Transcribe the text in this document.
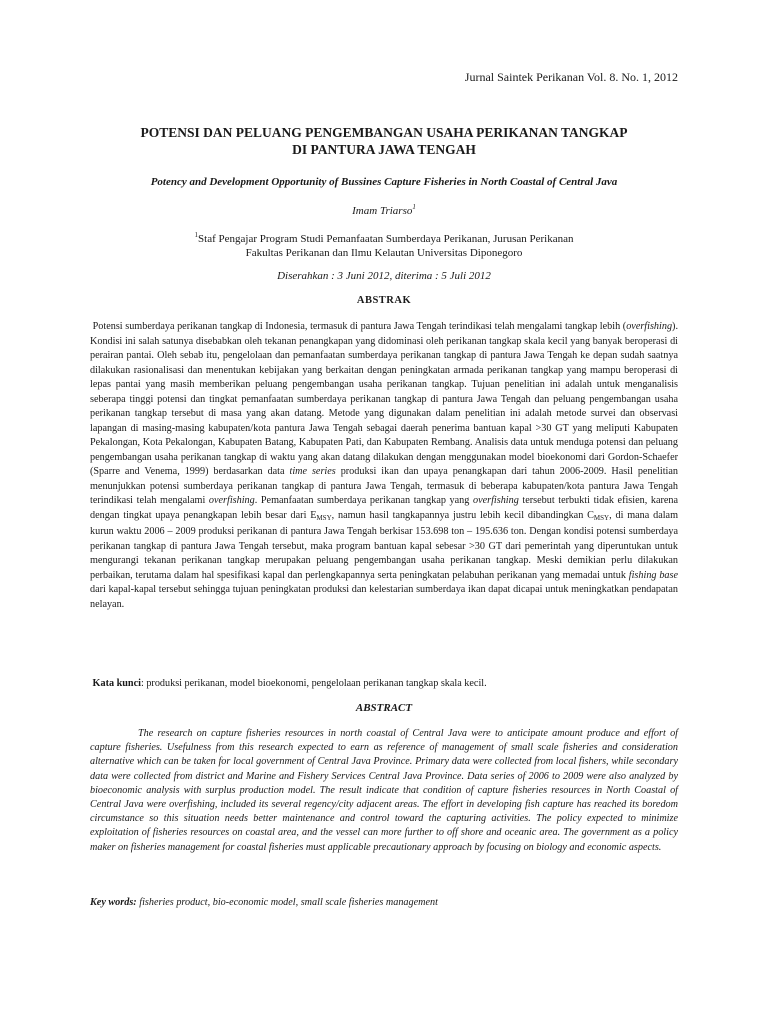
Jurnal Saintek Perikanan Vol. 8. No. 1, 2012
POTENSI DAN PELUANG PENGEMBANGAN USAHA PERIKANAN TANGKAP
DI PANTURA JAWA TENGAH
Potency and Development Opportunity of Bussines Capture Fisheries in North Coastal of Central Java
Imam Triarso$^1$
$^1$Staf Pengajar Program Studi Pemanfaatan Sumberdaya Perikanan, Jurusan Perikanan
Fakultas Perikanan dan Ilmu Kelautan Universitas Diponegoro
Diserahkan : 3 Juni 2012, diterima : 5 Juli 2012
ABSTRAK

Potensi sumberdaya perikanan tangkap di Indonesia, termasuk di pantura Jawa Tengah terindikasi telah mengalami tangkap lebih (overfishing). Kondisi ini salah satunya disebabkan oleh tekanan penangkapan yang didominasi oleh perikanan tangkap skala kecil yang banyak beroperasi di perairan pantai. Oleh sebab itu, pengelolaan dan pemanfaatan sumberdaya perikanan tangkap di pantura Jawa Tengah ke depan sudah saatnya dilakukan rasionalisasi dan menentukan kebijakan yang berkaitan dengan peningkatan armada perikanan tangkap yang mampu beroperasi di lepas pantai yang masih memberikan peluang pengembangan usaha perikanan tangkap. Tujuan penelitian ini adalah untuk menganalisis seberapa tinggi potensi dan tingkat pemanfaatan sumberdaya perikanan tangkap di pantura Jawa Tengah dan peluang pengembangan usaha perikanan tangkap tersebut di masa yang akan datang. Metode yang digunakan dalam penelitian ini adalah metode survei dan observasi lapangan di masing-masing kabupaten/kota pantura Jawa Tengah sebagai daerah penerima bantuan kapal >30 GT yang meliputi Kabupaten Pekalongan, Kota Pekalongan, Kabupaten Batang, Kabupaten Pati, dan Kabupaten Rembang. Analisis data untuk menduga potensi dan peluang pengembangan usaha perikanan tangkap di waktu yang akan datang dilakukan dengan menggunakan model bioekonomi dari Gordon-Schaefer (Sparre and Venema, 1999) berdasarkan data time series produksi ikan dan upaya penangkapan dari tahun 2006-2009. Hasil penelitian menunjukkan potensi sumberdaya perikanan tangkap di pantura Jawa Tengah, termasuk di beberapa kabupaten/kota pantura Jawa Tengah terindikasi telah mengalami overfishing. Pemanfaatan sumberdaya perikanan tangkap yang overfishing tersebut terbukti tidak efisien, karena dengan tingkat upaya penangkapan lebih besar dari $E_{MSY}$, namun hasil tangkapannya justru lebih kecil dibandingkan $C_{MSY}$, di mana dalam kurun waktu 2006 – 2009 produksi perikanan di pantura Jawa Tengah berkisar 153.698 ton – 195.636 ton. Dengan kondisi potensi sumberdaya perikanan tangkap di pantura Jawa Tengah tersebut, maka program bantuan kapal sebesar >30 GT dari pemerintah yang diperuntukan untuk mengurangi tekanan perikanan tangkap merupakan peluang pengembangan usaha perikanan tangkap. Meski demikian perlu dilakukan perbaikan, terutama dalam hal spesifikasi kapal dan perlengkapannya serta peningkatan pelabuhan perikanan yang memadai untuk fishing base dari kapal-kapal tersebut sehingga tujuan peningkatan produksi dan kelestarian sumberdaya ikan dapat dicapai untuk meningkatkan pendapatan nelayan.

Kata kunci: produksi perikanan, model bioekonomi, pengelolaan perikanan tangkap skala kecil.

ABSTRACT

The research on capture fisheries resources in north coastal of Central Java were to anticipate amount produce and effort of capture fisheries. Usefulness from this research expected to earn as reference of management of small scale fisheries and consideration alternative which can be taken for local government of Central Java Province. Primary data were collected from local fishers, while secondary data were collected from district and Marine and Fishery Services Central Java Province. Data series of 2006 to 2009 were also analyzed by bioeconomic analysis with surplus production model. The result indicate that condition of capture fisheries resources in North Coastal of Central Java were overfishing, included its several regency/city adjacent areas. The effort in developing fish capture has reached its boredom circumstance so this situation needs better maintenance and control toward the capturing activities. The policy expected to minimize exploitation of fisheries resources on coastal area, and the vessel can more further to off shore and oceanic area. The government as a policy maker on fisheries management for coastal fisheries must applicable precautionary approach by focusing on biology and economic aspects.

Key words: fisheries product, bio-economic model, small scale fisheries management
